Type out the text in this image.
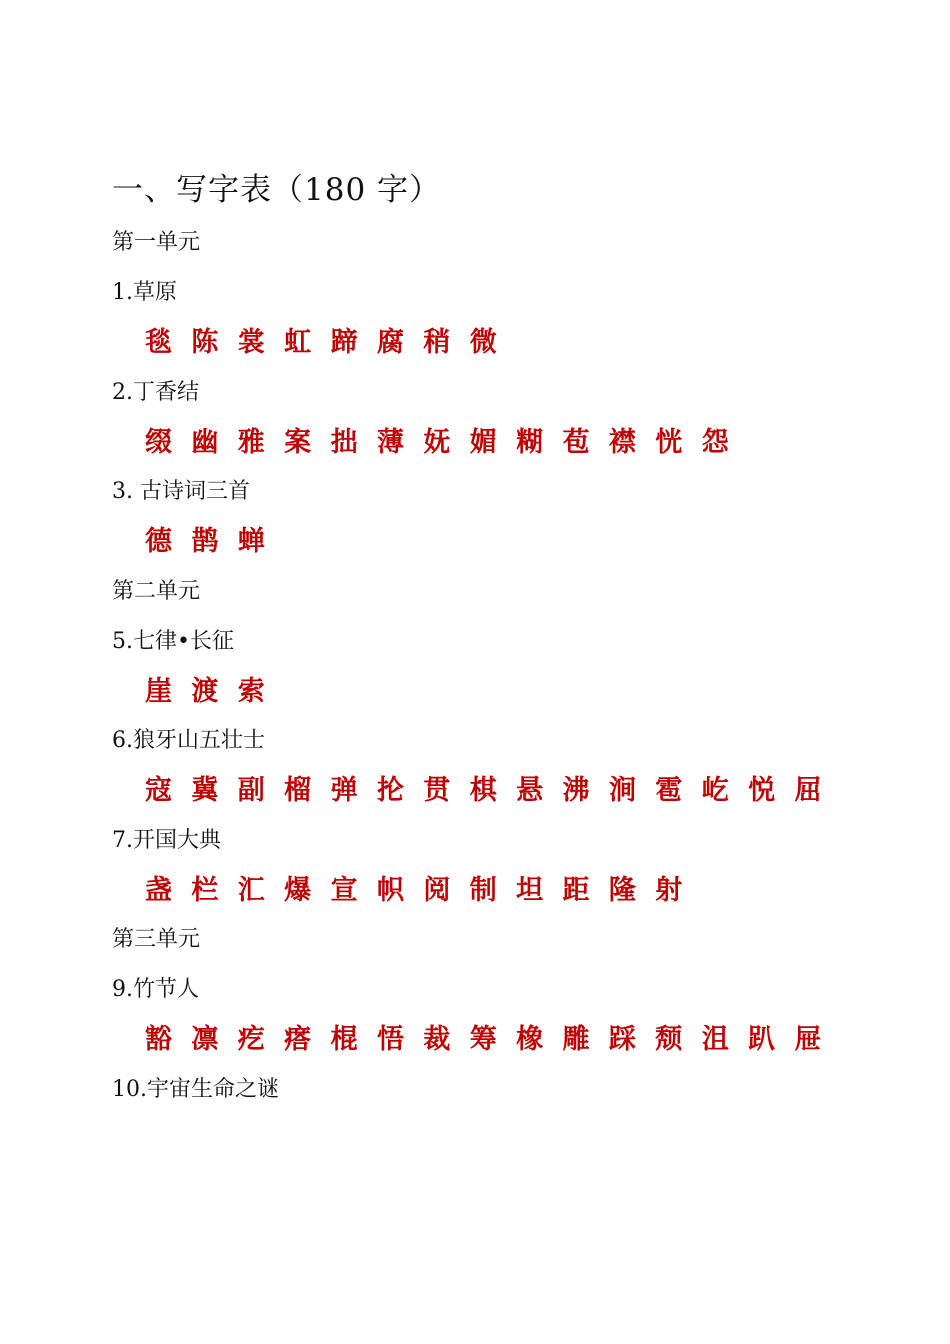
一、写字表（180 字）
第一单元
1.草原
毯 陈 裳 虹 蹄 腐 稍 微
2.丁香结
缀 幽 雅 案 拙 薄 妩 媚 糊 苞 襟 恍 怨
3. 古诗词三首
德 鹊 蝉
第二单元
5.七律•长征
崖 渡 索
6.狼牙山五壮士
寇 冀 副 榴 弹 抡 贯 棋 悬 沸 涧 雹 屹 悦 屈
7.开国大典
盏 栏 汇 爆 宣 帜 阅 制 坦 距 隆 射
第三单元
9.竹节人
豁 凛 疙 瘩 棍 悟 裁 筹 橡 雕 踩 颓 沮 趴 屉
10.宇宙生命之谜
